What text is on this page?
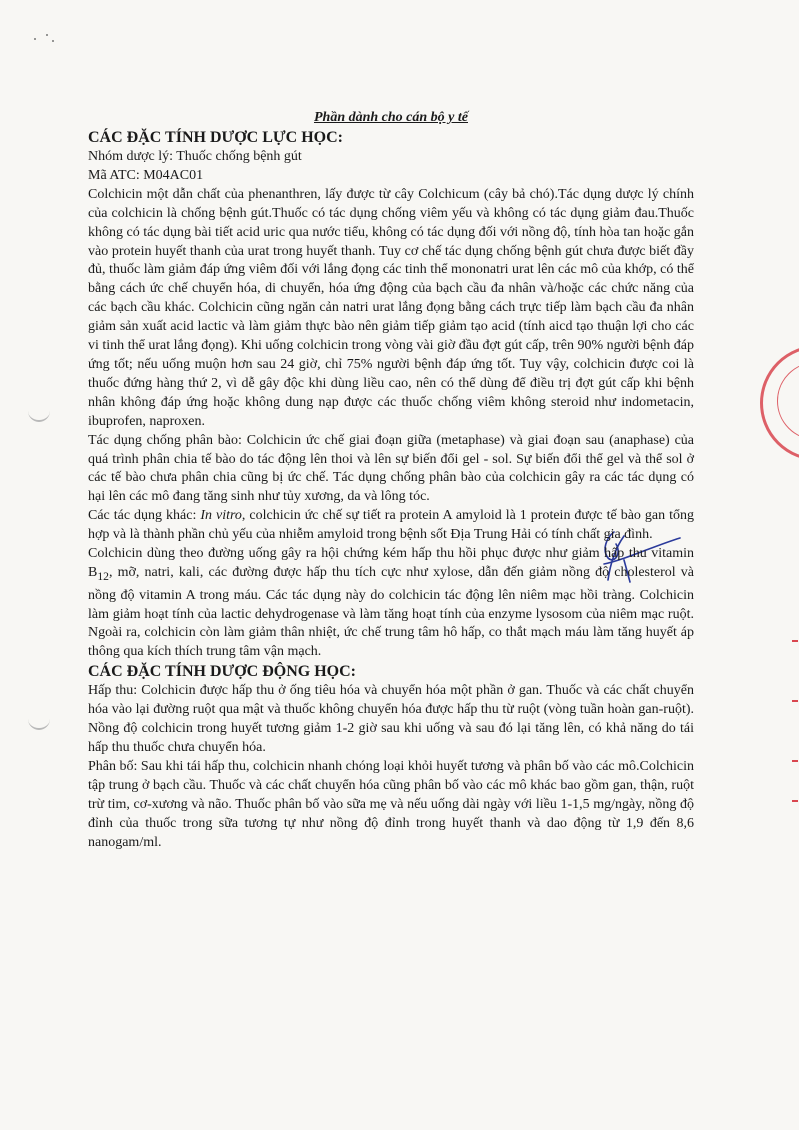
Phần dành cho cán bộ y tế

CÁC ĐẶC TÍNH DƯỢC LỰC HỌC:

Nhóm dược lý: Thuốc chống bệnh gút

Mã ATC: M04AC01

Colchicin một dẫn chất của phenanthren, lấy được từ cây Colchicum (cây bả chó).Tác dụng dược lý chính của colchicin là chống bệnh gút.Thuốc có tác dụng chống viêm yếu và không có tác dụng giảm đau.Thuốc không có tác dụng bài tiết acid uric qua nước tiểu, không có tác dụng đối với nồng độ, tính hòa tan hoặc gắn vào protein huyết thanh của urat trong huyết thanh. Tuy cơ chế tác dụng chống bệnh gút chưa được biết đầy đủ, thuốc làm giảm đáp ứng viêm đối với lắng đọng các tinh thể mononatri urat lên các mô của khớp, có thể bằng cách ức chế chuyển hóa, di chuyển, hóa ứng động của bạch cầu đa nhân và/hoặc các chức năng của các bạch cầu khác. Colchicin cũng ngăn cản natri urat lắng đọng bằng cách trực tiếp làm bạch cầu đa nhân giảm sản xuất acid lactic và làm giảm thực bào nên giảm tiếp giảm tạo acid (tính aicd tạo thuận lợi cho các vi tinh thể urat lắng đọng). Khi uống colchicin trong vòng vài giờ đầu đợt gút cấp, trên 90% người bệnh đáp ứng tốt; nếu uống muộn hơn sau 24 giờ, chỉ 75% người bệnh đáp ứng tốt. Tuy vậy, colchicin được coi là thuốc đứng hàng thứ 2, vì dễ gây độc khi dùng liều cao, nên có thể dùng để điều trị đợt gút cấp khi bệnh nhân không đáp ứng hoặc không dung nạp được các thuốc chống viêm không steroid như indometacin, ibuprofen, naproxen.

Tác dụng chống phân bào: Colchicin ức chế giai đoạn giữa (metaphase) và giai đoạn sau (anaphase) của quá trình phân chia tế bào do tác động lên thoi và lên sự biến đổi gel - sol. Sự biến đổi thể gel và thể sol ở các tế bào chưa phân chia cũng bị ức chế. Tác dụng chống phân bào của colchicin gây ra các tác dụng có hại lên các mô đang tăng sinh như tủy xương, da và lông tóc.

Các tác dụng khác: In vitro, colchicin ức chế sự tiết ra protein A amyloid là 1 protein được tế bào gan tổng hợp và là thành phần chủ yếu của nhiễm amyloid trong bệnh sốt Địa Trung Hải có tính chất gia đình.

Colchicin dùng theo đường uống gây ra hội chứng kém hấp thu hồi phục được như giảm hấp thu vitamin $B_{12}$, mỡ, natri, kali, các đường được hấp thu tích cực như xylose, dẫn đến giảm nồng độ cholesterol và nồng độ vitamin A trong máu. Các tác dụng này do colchicin tác động lên niêm mạc hồi tràng. Colchicin làm giảm hoạt tính của lactic dehydrogenase và làm tăng hoạt tính của enzyme lysosom của niêm mạc ruột. Ngoài ra, colchicin còn làm giảm thân nhiệt, ức chế trung tâm hô hấp, co thắt mạch máu làm tăng huyết áp thông qua kích thích trung tâm vận mạch.

CÁC ĐẶC TÍNH DƯỢC ĐỘNG HỌC:

Hấp thu: Colchicin được hấp thu ở ống tiêu hóa và chuyển hóa một phần ở gan. Thuốc và các chất chuyển hóa vào lại đường ruột qua mật và thuốc không chuyển hóa được hấp thu từ ruột (vòng tuần hoàn gan-ruột). Nồng độ colchicin trong huyết tương giảm 1-2 giờ sau khi uống và sau đó lại tăng lên, có khả năng do tái hấp thu thuốc chưa chuyển hóa.

Phân bố: Sau khi tái hấp thu, colchicin nhanh chóng loại khỏi huyết tương và phân bố vào các mô.Colchicin tập trung ở bạch cầu. Thuốc và các chất chuyển hóa cũng phân bố vào các mô khác bao gồm gan, thận, ruột trừ tim, cơ-xương và não. Thuốc phân bố vào sữa mẹ và nếu uống dài ngày với liều 1-1,5 mg/ngày, nồng độ đỉnh của thuốc trong sữa tương tự như nồng độ đỉnh trong huyết thanh và dao động từ 1,9 đến 8,6 nanogam/ml.
